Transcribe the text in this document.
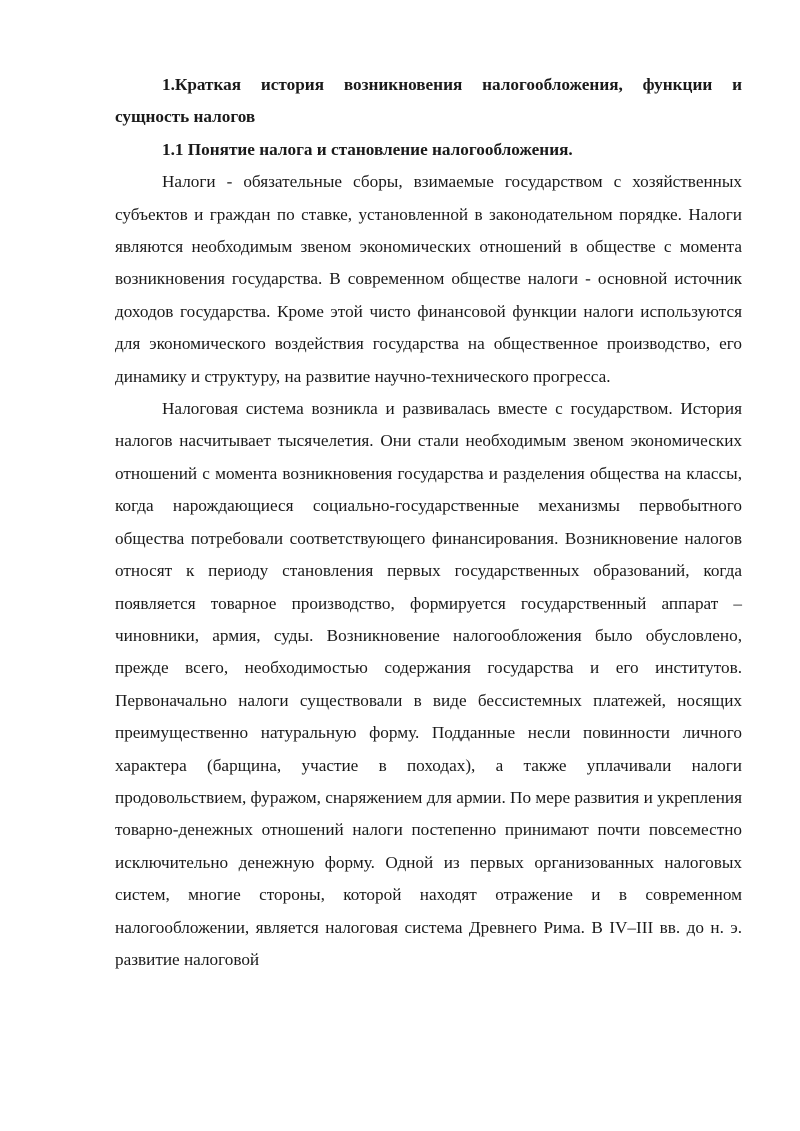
1.Краткая история возникновения налогообложения, функции и сущность налогов

1.1 Понятие налога и становление налогообложения.

Налоги - обязательные сборы, взимаемые государством с хозяйственных субъектов и граждан по ставке, установленной в законодательном порядке. Налоги являются необходимым звеном экономических отношений в обществе с момента возникновения государства. В современном обществе налоги - основной источник доходов государства. Кроме этой чисто финансовой функции налоги используются для экономического воздействия государства на общественное производство, его динамику и структуру, на развитие научно-технического прогресса.

Налоговая система возникла и развивалась вместе с государством. История налогов насчитывает тысячелетия. Они стали необходимым звеном экономических отношений с момента возникновения государства и разделения общества на классы, когда нарождающиеся социально-государственные механизмы первобытного общества потребовали соответствующего финансирования. Возникновение налогов относят к периоду становления первых государственных образований, когда появляется товарное производство, формируется государственный аппарат – чиновники, армия, суды. Возникновение налогообложения было обусловлено, прежде всего, необходимостью содержания государства и его институтов. Первоначально налоги существовали в виде бессистемных платежей, носящих преимущественно натуральную форму. Подданные несли повинности личного характера (барщина, участие в походах), а также уплачивали налоги продовольствием, фуражом, снаряжением для армии. По мере развития и укрепления товарно-денежных отношений налоги постепенно принимают почти повсеместно исключительно денежную форму. Одной из первых организованных налоговых систем, многие стороны, которой находят отражение и в современном налогообложении, является налоговая система Древнего Рима. В IV–III вв. до н. э. развитие налоговой
